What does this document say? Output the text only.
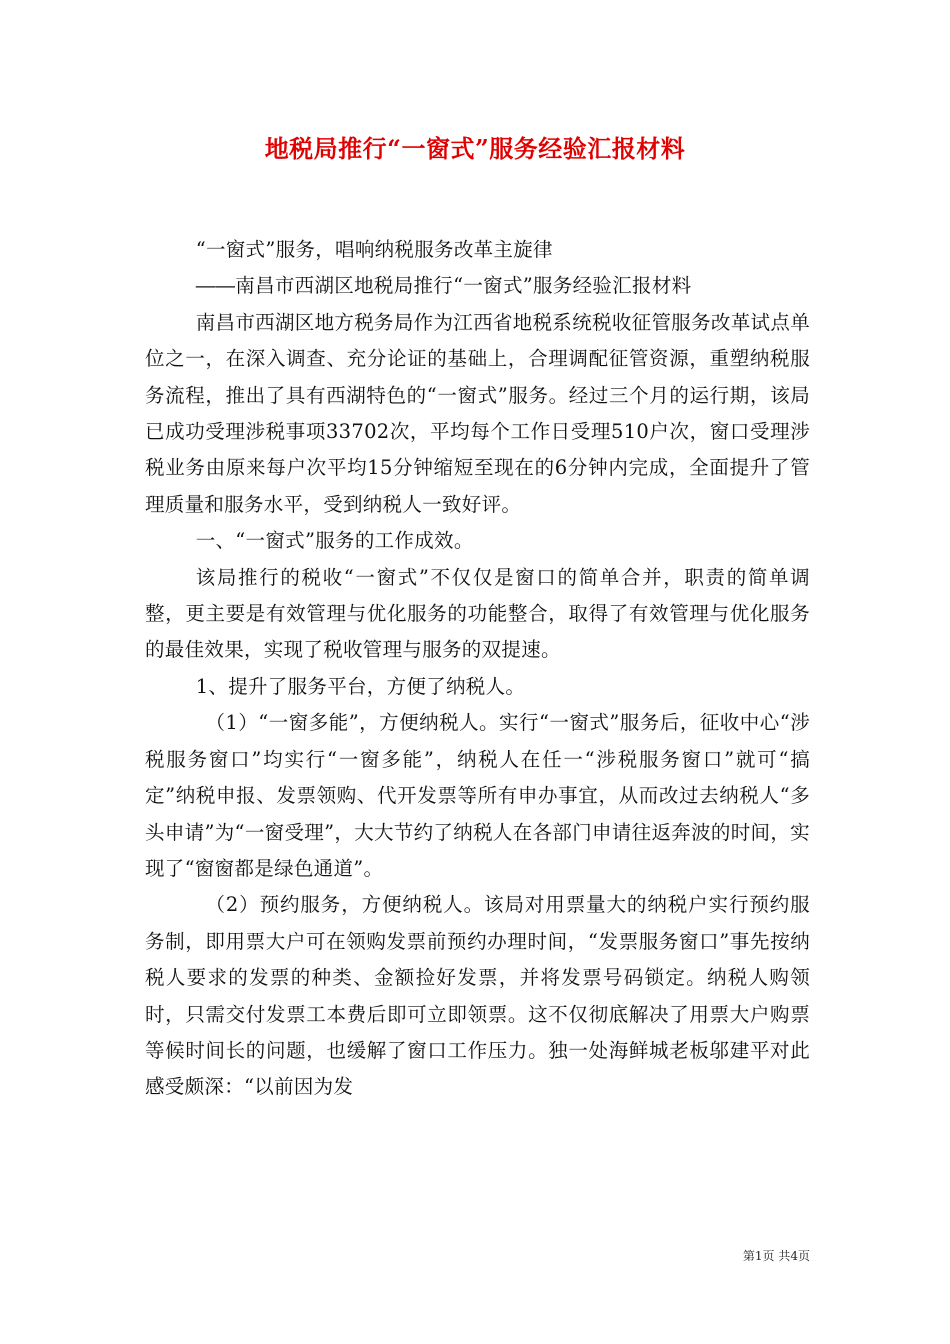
地税局推行“一窗式”服务经验汇报材料

“一窗式”服务，唱响纳税服务改革主旋律

――南昌市西湖区地税局推行“一窗式”服务经验汇报材料

南昌市西湖区地方税务局作为江西省地税系统税收征管服务改革试点单位之一，在深入调查、充分论证的基础上，合理调配征管资源，重塑纳税服务流程，推出了具有西湖特色的“一窗式”服务。经过三个月的运行期，该局已成功受理涉税事项33702次，平均每个工作日受理510户次，窗口受理涉税业务由原来每户次平均15分钟缩短至现在的6分钟内完成，全面提升了管理质量和服务水平，受到纳税人一致好评。

一、“一窗式”服务的工作成效。

该局推行的税收“一窗式”不仅仅是窗口的简单合并，职责的简单调整，更主要是有效管理与优化服务的功能整合，取得了有效管理与优化服务的最佳效果，实现了税收管理与服务的双提速。

1、提升了服务平台，方便了纳税人。

（1）“一窗多能”，方便纳税人。实行“一窗式”服务后，征收中心“涉税服务窗口”均实行“一窗多能”，纳税人在任一“涉税服务窗口”就可“搞定”纳税申报、发票领购、代开发票等所有申办事宜，从而改过去纳税人“多头申请”为“一窗受理”，大大节约了纳税人在各部门申请往返奔波的时间，实现了“窗窗都是绿色通道”。

（2）预约服务，方便纳税人。该局对用票量大的纳税户实行预约服务制，即用票大户可在领购发票前预约办理时间，“发票服务窗口”事先按纳税人要求的发票的种类、金额捡好发票，并将发票号码锁定。纳税人购领时，只需交付发票工本费后即可立即领票。这不仅彻底解决了用票大户购票等候时间长的问题，也缓解了窗口工作压力。独一处海鲜城老板邬建平对此感受颇深：“以前因为发

第1页 共4页
